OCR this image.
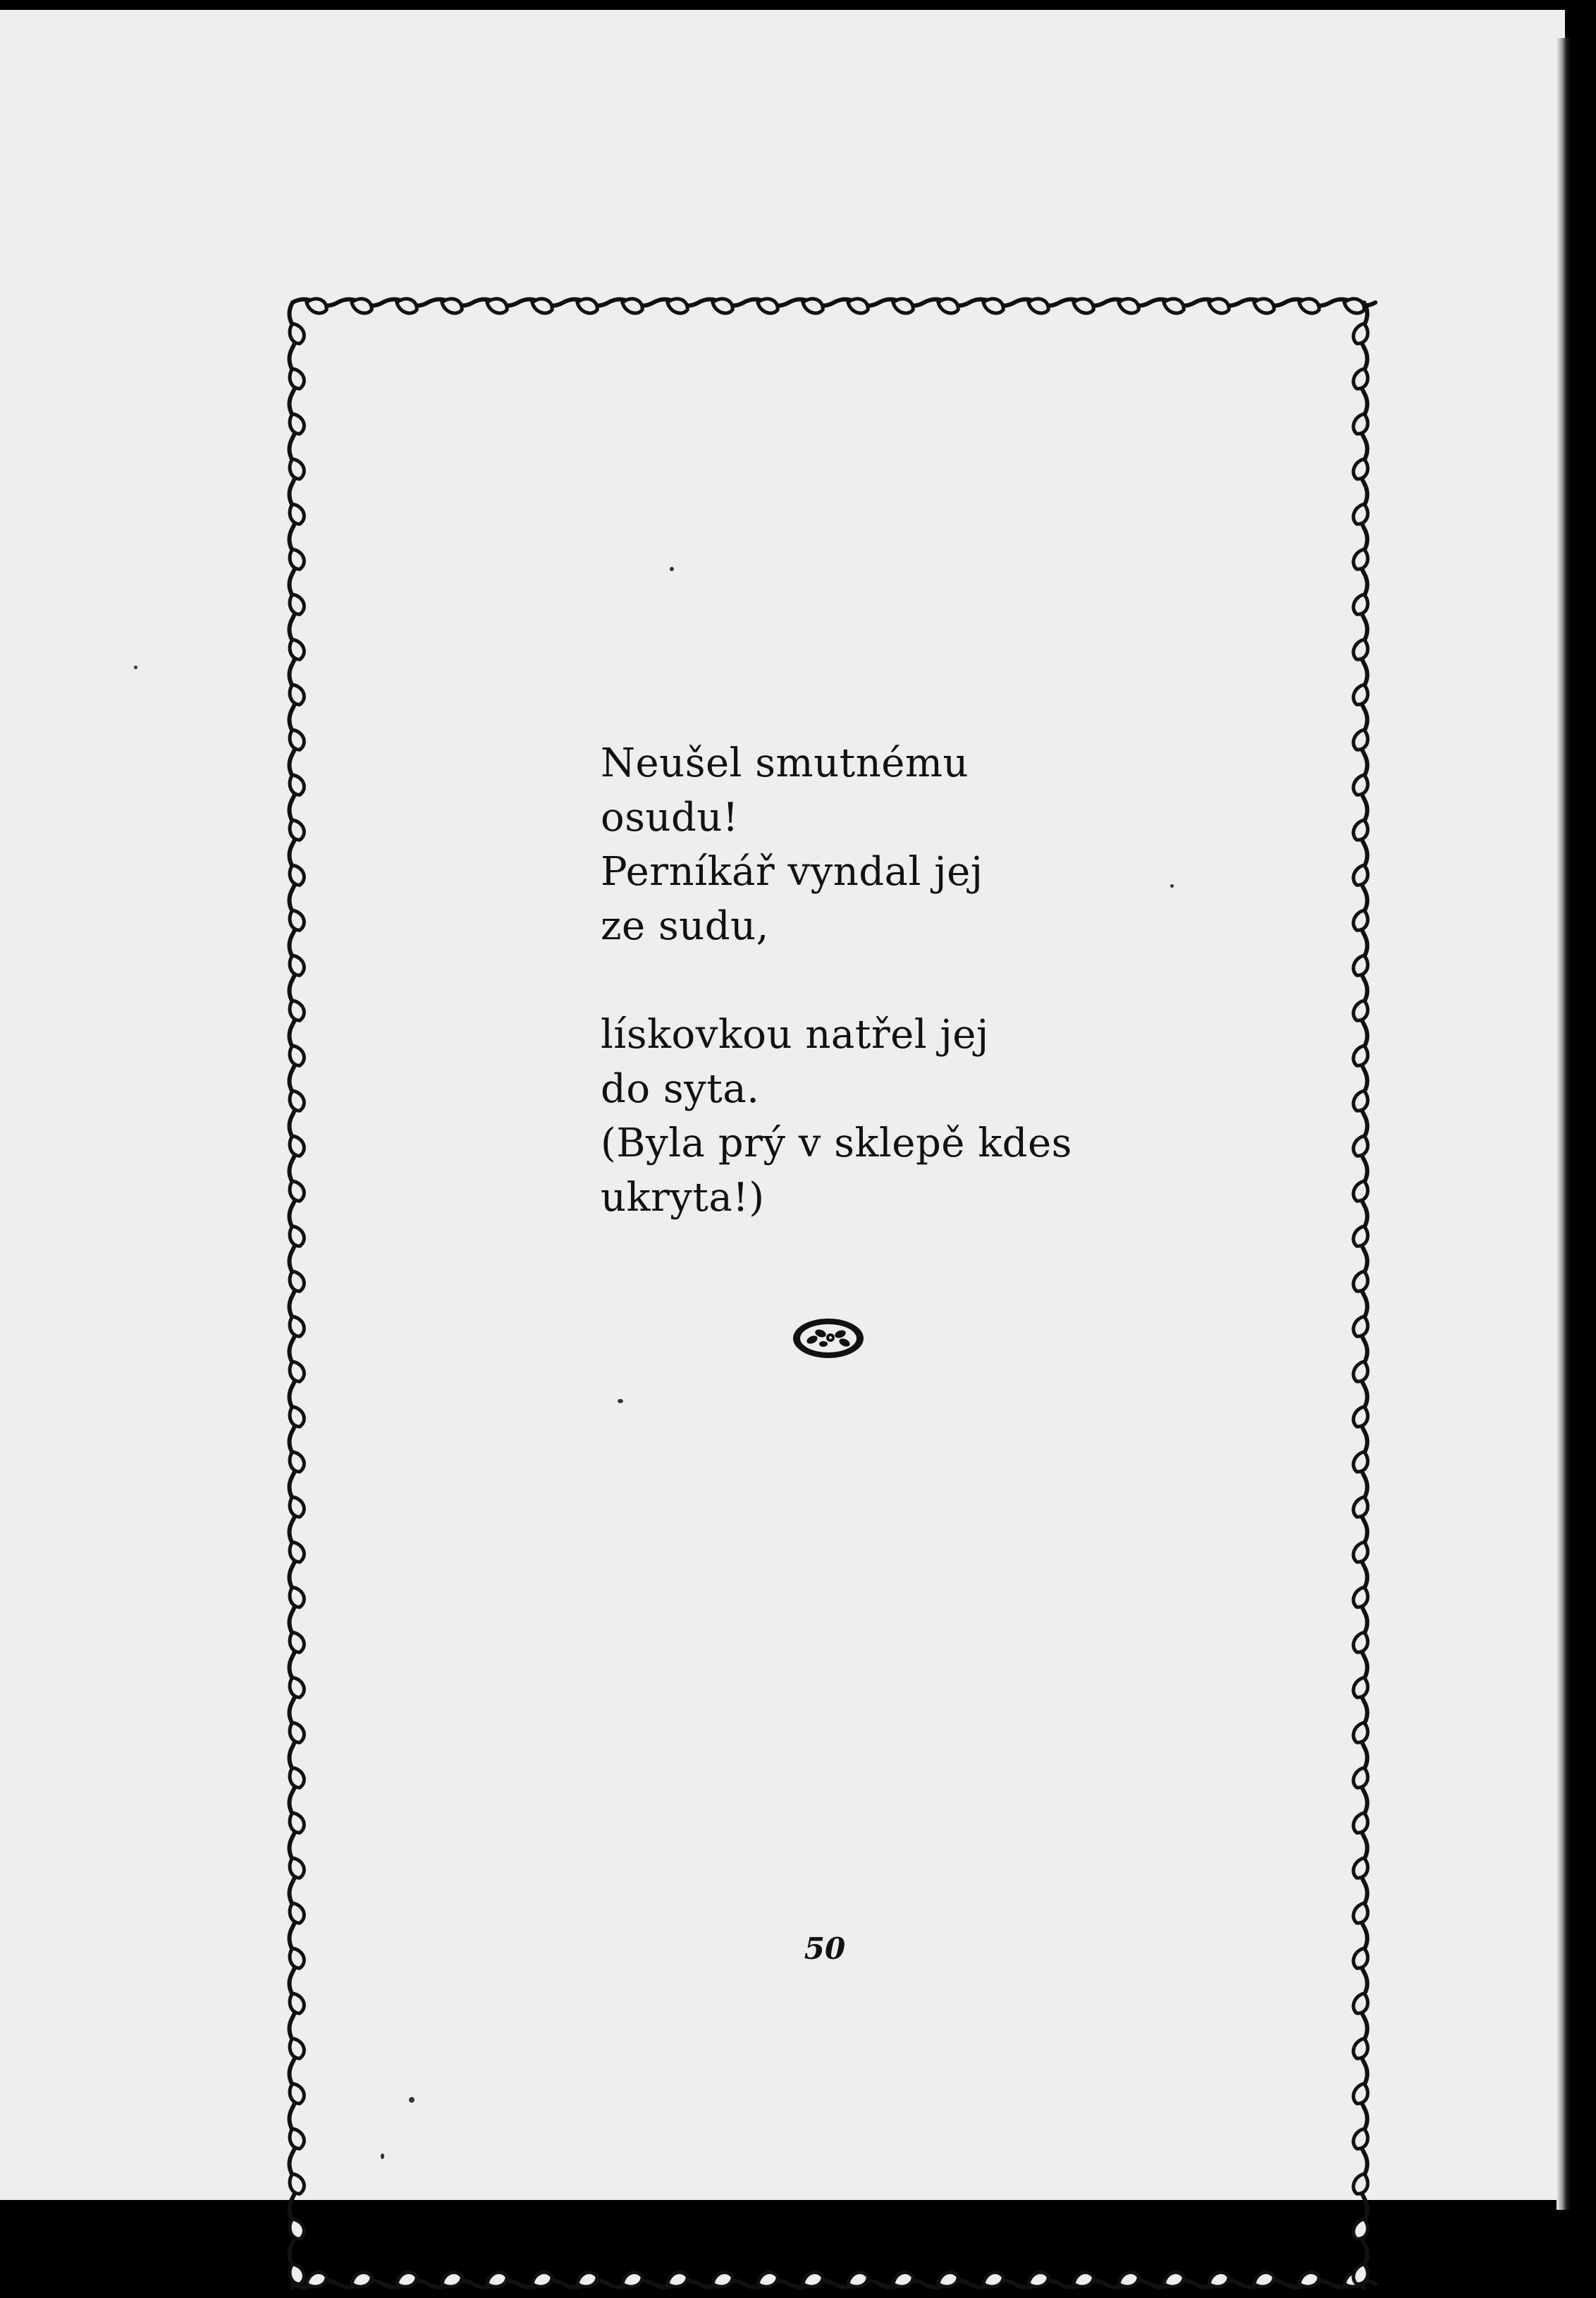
Neušel smutnému
osudu!
Perníkář vyndal jej
ze sudu,
lískovkou natřel jej
do syta.
(Byla prý v sklepě kdes
ukryta!)
50
